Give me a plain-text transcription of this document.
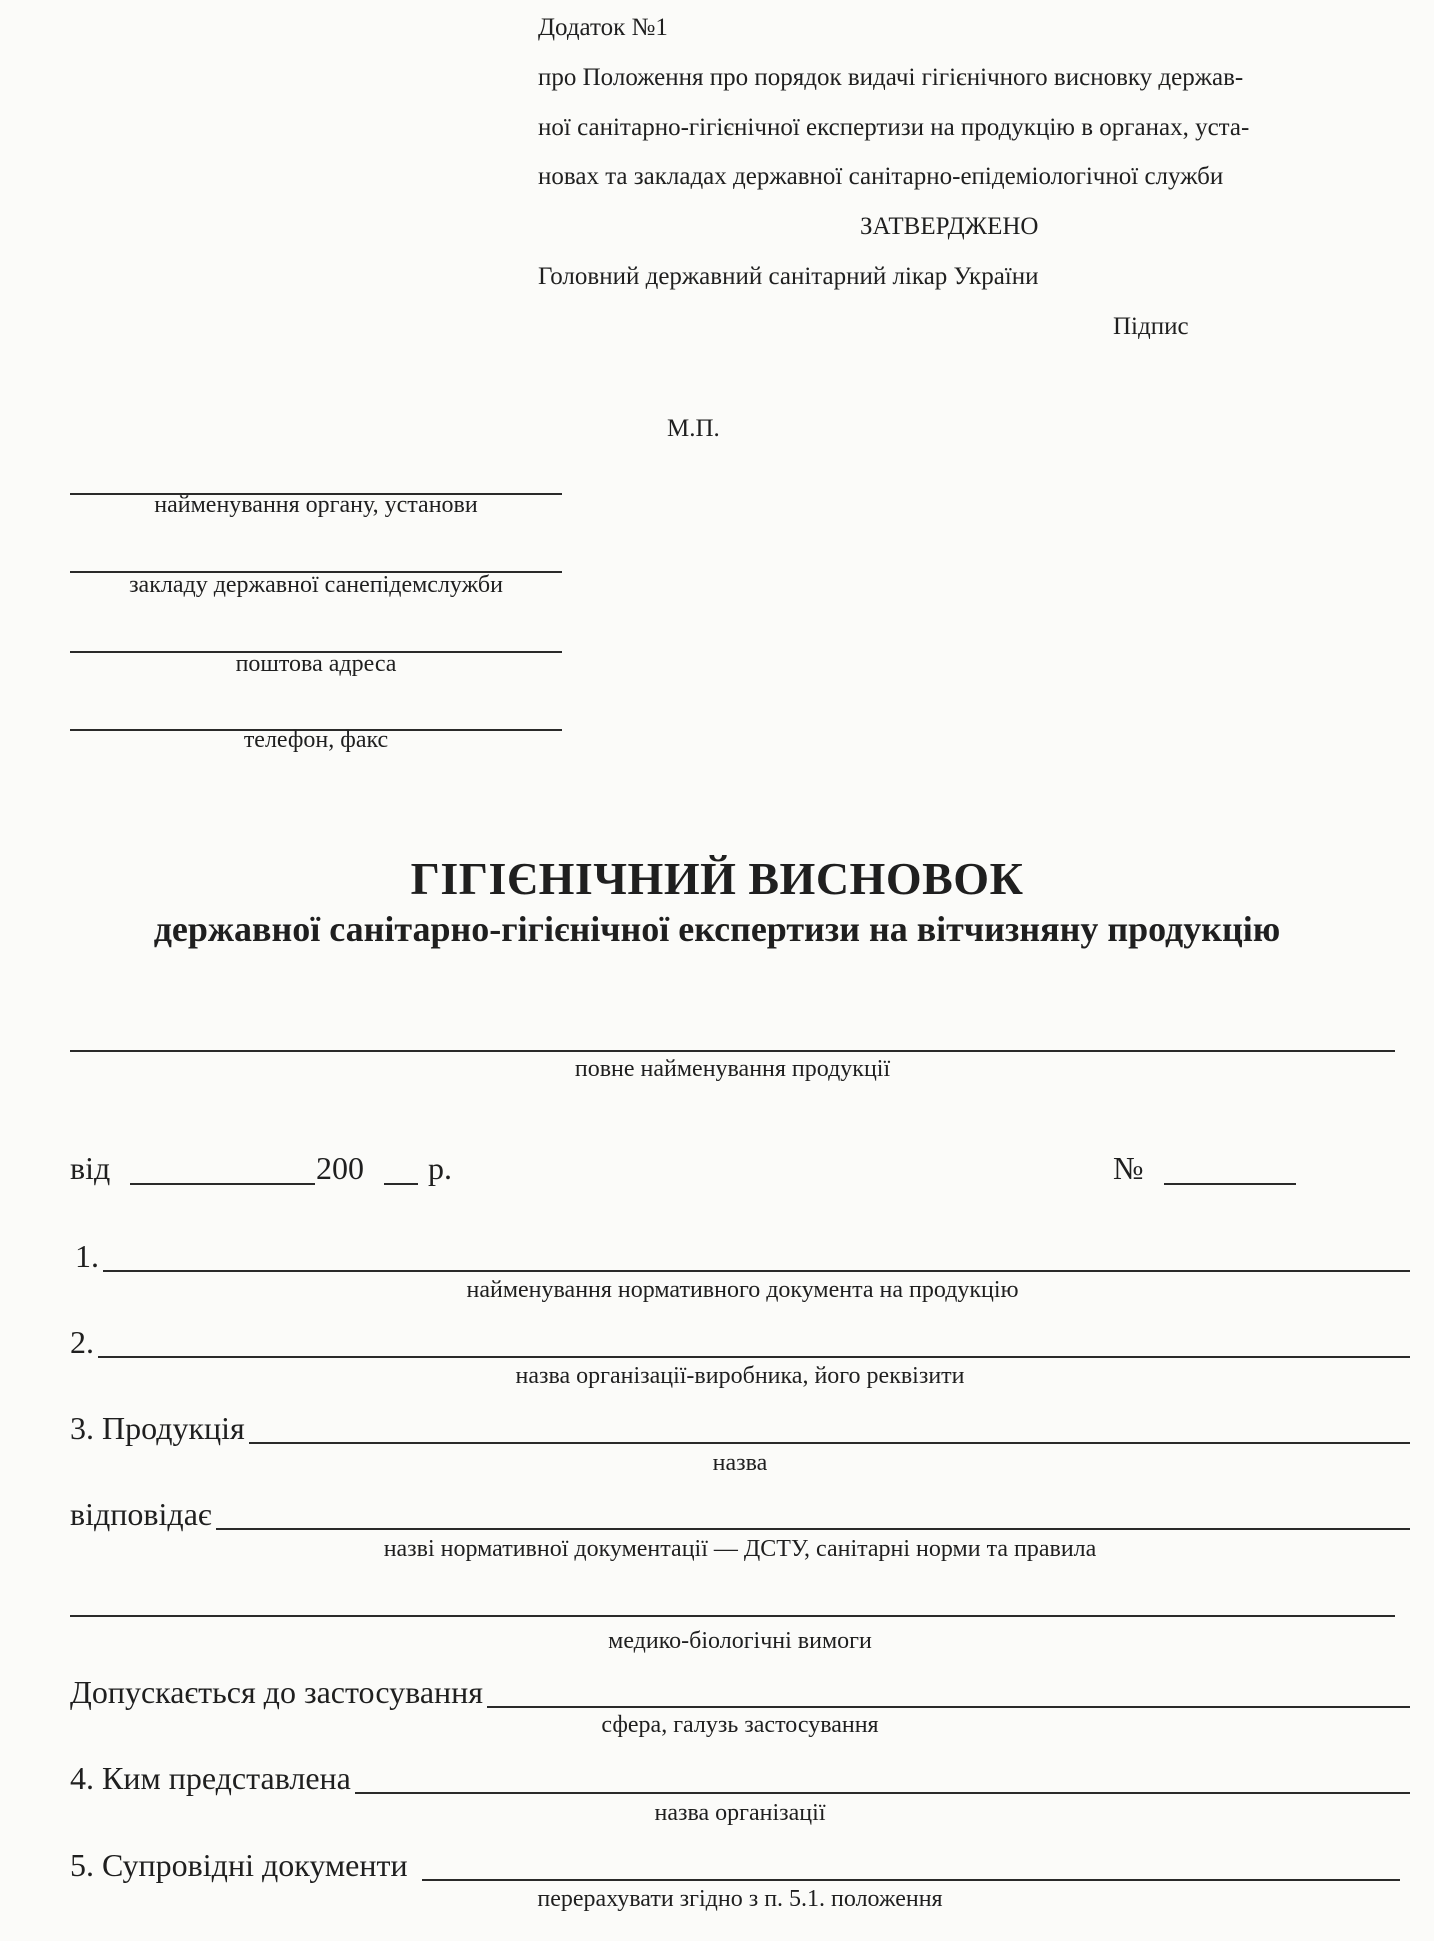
Додаток №1
про Положення про порядок видачі гігієнічного висновку держав-
ної санітарно-гігієнічної експертизи на продукцію в органах, уста-
новах та закладах державної санітарно-епідеміологічної служби
ЗАТВЕРДЖЕНО
Головний державний санітарний лікар України
Підпис
М.П.
найменування органу, установи
закладу державної санепідемслужби
поштова адреса
телефон, факс
ГІГІЄНІЧНИЙ ВИСНОВОК
державної санітарно-гігієнічної експертизи на вітчизняну продукцію
повне найменування продукції
від	200 р.	№
1.
найменування нормативного документа на продукцію
2.
назва організації-виробника, його реквізити
3. Продукція
назва
відповідає
назві нормативної документації — ДСТУ, санітарні норми та правила
медико-біологічні вимоги
Допускається до застосування
сфера, галузь застосування
4. Ким представлена
назва організації
5. Супровідні документи
перерахувати згідно з п. 5.1. положення
